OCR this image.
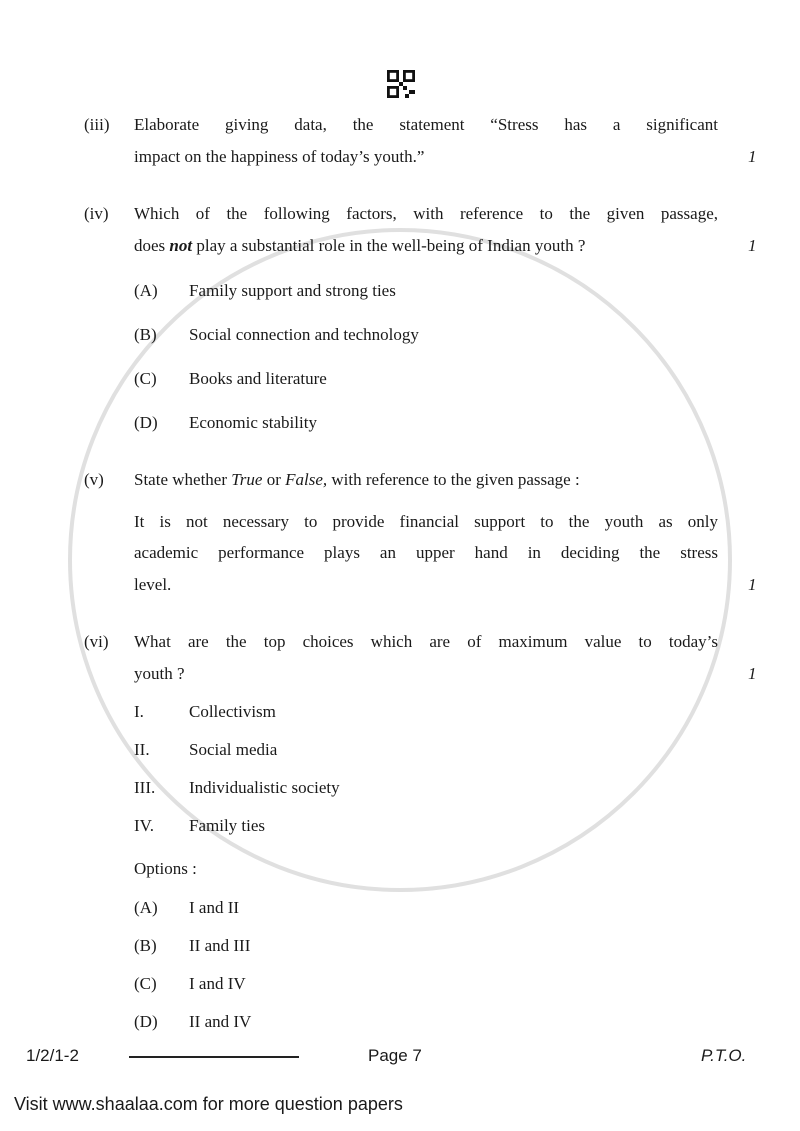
(iii) Elaborate giving data, the statement “Stress has a significant
impact on the happiness of today’s youth.”	1
(iv) Which of the following factors, with reference to the given passage,
does not play a substantial role in the well-being of Indian youth ?	1
(A) Family support and strong ties
(B) Social connection and technology
(C) Books and literature
(D) Economic stability
(v) State whether True or False, with reference to the given passage :
It is not necessary to provide financial support to the youth as only
academic performance plays an upper hand in deciding the stress
level.	1
(vi) What are the top choices which are of maximum value to today’s
youth ?	1
I.	Collectivism
II. Social media
III. Individualistic society
IV. Family ties
Options :
(A) I and II
(B) II and III
(C) I and IV
(D) II and IV
1/2/1-2	Page 7	P.T.O.
Visit www.shaalaa.com for more question papers
